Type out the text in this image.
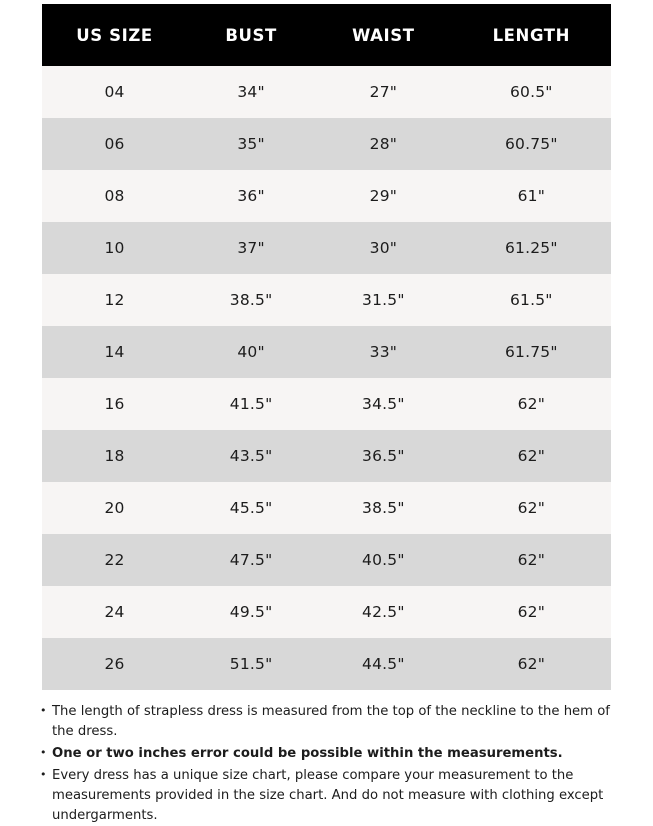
US SIZE	BUST	WAIST	LENGTH
04	34"	27"	60.5"
06	35"	28"	60.75"
08	36"	29"	61"
10	37"	30"	61.25"
12	38.5"	31.5"	61.5"
14	40"	33"	61.75"
16	41.5"	34.5"	62"
18	43.5"	36.5"	62"
20	45.5"	38.5"	62"
22	47.5"	40.5"	62"
24	49.5"	42.5"	62"
26	51.5"	44.5"	62"
• The length of strapless dress is measured from the top of the neckline to the hem of the dress.
• One or two inches error could be possible within the measurements.
• Every dress has a unique size chart, please compare your measurement to the measurements provided in the size chart. And do not measure with clothing except undergarments.
